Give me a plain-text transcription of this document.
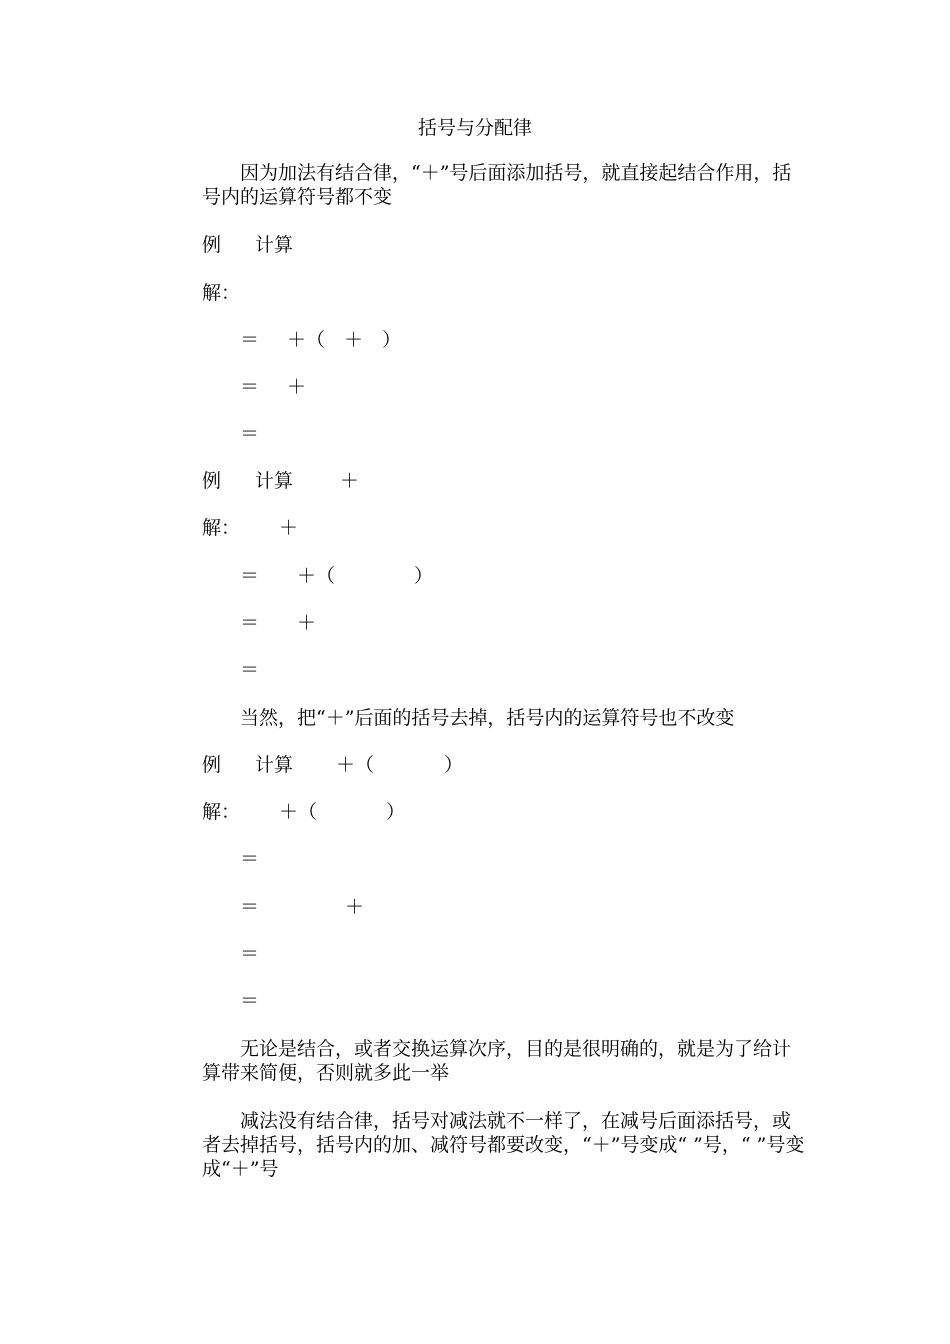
括号与分配律
因为加法有结合律，“＋”号后面添加括号，就直接起结合作用，括号内的运算符号都不变
例 计算
解：
＝ ＋（　＋　）
＝ ＋
＝
例 计算 ＋
解： ＋
＝ ＋（	）
＝ ＋
＝
当然，把“＋”后面的括号去掉，括号内的运算符号也不改变
例 计算 ＋（	）
解： ＋（	）
＝
＝	＋
＝
＝
无论是结合，或者交换运算次序，目的是很明确的，就是为了给计算带来简便，否则就多此一举
减法没有结合律，括号对减法就不一样了，在减号后面添括号，或者去掉括号，括号内的加、减符号都要改变，“＋”号变成“ ”号，“ ”号变成“＋”号
